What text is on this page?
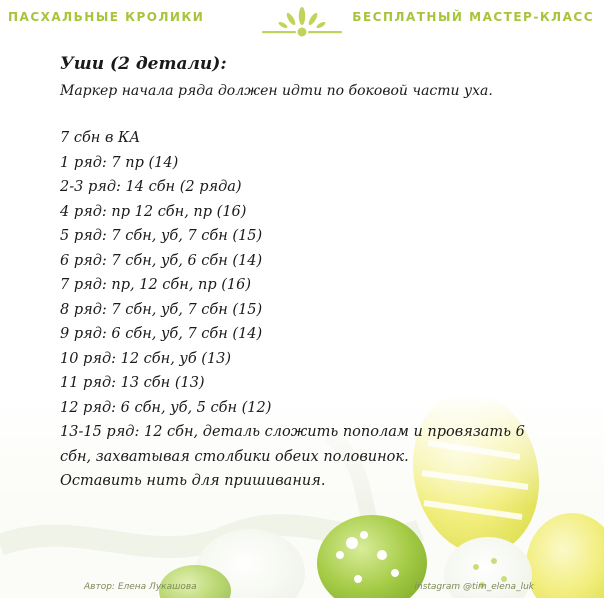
ПАСХАЛЬНЫЕ КРОЛИКИ	БЕСПЛАТНЫЙ МАСТЕР-КЛАСС

Уши (2 детали):

Маркер начала ряда должен идти по боковой части уха.

7 сбн в КА

1 ряд: 7 пр (14)

2-3 ряд: 14 сбн (2 ряда)

4 ряд: пр 12 сбн, пр (16)

5 ряд: 7 сбн, уб, 7 сбн (15)

6 ряд: 7 сбн, уб, 6 сбн (14)

7 ряд: пр, 12 сбн, пр (16)

8 ряд: 7 сбн, уб, 7 сбн (15)

9 ряд: 6 сбн, уб, 7 сбн (14)

10 ряд: 12 сбн, уб (13)

11 ряд: 13 сбн (13)

12 ряд: 6 сбн, уб, 5 сбн (12)

13-15 ряд: 12 сбн, деталь сложить пополам и провязать 6 сбн, захватывая столбики обеих половинок.

Оставить нить для пришивания.

Автор: Елена Лукашова	instagram @tim_elena_luk
